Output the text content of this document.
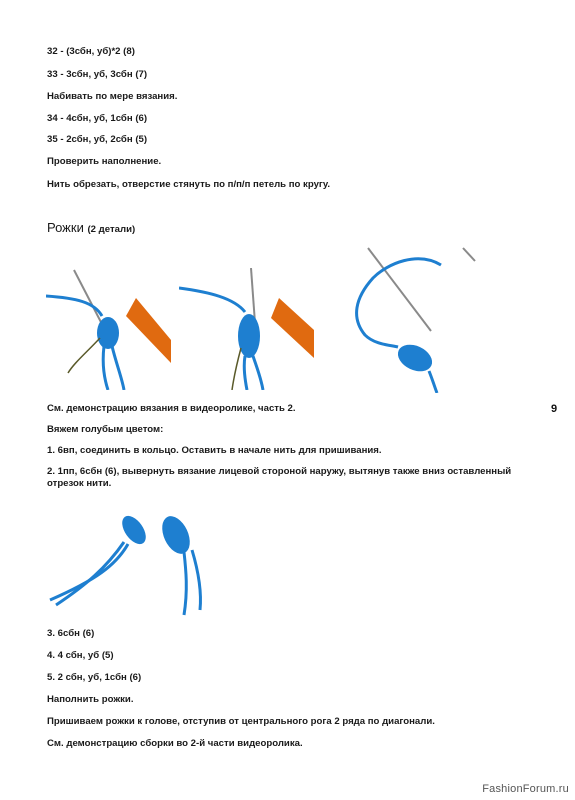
32 - (3сбн, уб)*2 (8)
33 - 3сбн, уб, 3сбн (7)
Набивать по мере вязания.
34 - 4сбн, уб, 1сбн (6)
35 - 2сбн, уб, 2сбн (5)
Проверить наполнение.
Нить обрезать, отверстие стянуть по п/п/п петель по кругу.
Рожки (2 детали)
9
См. демонстрацию вязания в видеоролике, часть 2.
Вяжем голубым цветом:
1. 6вп, соединить в кольцо. Оставить в начале нить для пришивания.
2. 1пп, 6сбн (6), вывернуть вязание лицевой стороной наружу, вытянув также вниз оставленный отрезок нити.
3. 6сбн (6)
4. 4 сбн, уб (5)
5. 2 сбн, уб, 1сбн (6)
Наполнить рожки.
Пришиваем рожки к голове, отступив от центрального рога 2 ряда по диагонали.
См. демонстрацию сборки во 2-й части видеоролика.
FashionForum.ru
